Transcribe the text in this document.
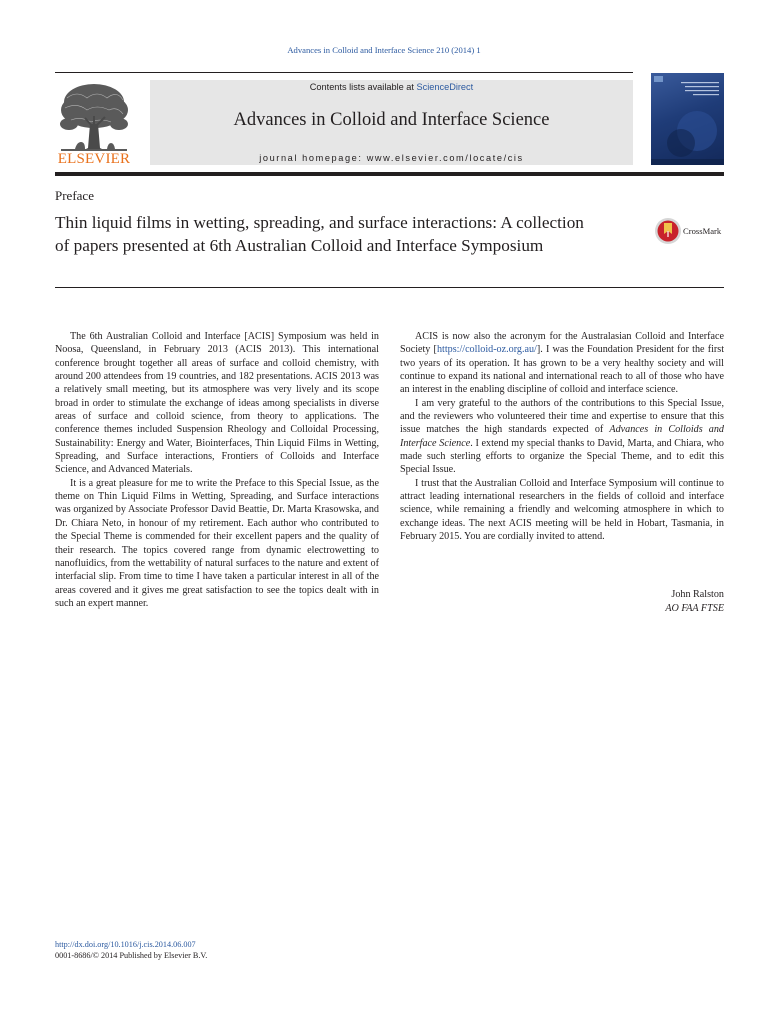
Advances in Colloid and Interface Science 210 (2014) 1
ELSEVIER
Contents lists available at ScienceDirect
Advances in Colloid and Interface Science
journal homepage: www.elsevier.com/locate/cis
Preface
Thin liquid films in wetting, spreading, and surface interactions: A collection of papers presented at 6th Australian Colloid and Interface Symposium
CrossMark

The 6th Australian Colloid and Interface [ACIS] Symposium was held in Noosa, Queensland, in February 2013 (ACIS 2013). This international conference brought together all areas of surface and colloid chemistry, with around 200 attendees from 19 countries, and 182 presentations. ACIS 2013 was a relatively small meeting, but its atmosphere was very lively and its scope broad in order to stimulate the exchange of ideas among specialists in diverse areas of surface and colloid science, from theory to applications. The conference themes included Suspension Rheology and Colloidal Processing, Sustainability: Energy and Water, Biointerfaces, Thin Liquid Films in Wetting, Spreading, and Surface interactions, Frontiers of Colloids and Interface Science, and Advanced Materials.

It is a great pleasure for me to write the Preface to this Special Issue, as the theme on Thin Liquid Films in Wetting, Spreading, and Surface interactions was organized by Associate Professor David Beattie, Dr. Marta Krasowska, and Dr. Chiara Neto, in honour of my retirement. Each author who contributed to the Special Theme is commended for their excellent papers and the quality of their research. The topics covered range from dynamic electrowetting to nanofluidics, from the wettability of natural surfaces to the nature and extent of interfacial slip. From time to time I have taken a particular interest in all of the areas covered and it gives me great satisfaction to see the topics dealt with in such an expert manner.

ACIS is now also the acronym for the Australasian Colloid and Interface Society [https://colloid-oz.org.au/]. I was the Foundation President for the first two years of its operation. It has grown to be a very healthy society and will continue to expand its national and international reach to all of those who have an interest in the enabling discipline of colloid and interface science.

I am very grateful to the authors of the contributions to this Special Issue, and the reviewers who volunteered their time and expertise to ensure that this issue matches the high standards expected of Advances in Colloids and Interface Science. I extend my special thanks to David, Marta, and Chiara, who made such sterling efforts to organize the Special Theme, and to edit this Special Issue.

I trust that the Australian Colloid and Interface Symposium will continue to attract leading international researchers in the fields of colloid and interface science, while remaining a friendly and welcoming atmosphere in which to exchange ideas. The next ACIS meeting will be held in Hobart, Tasmania, in February 2015. You are cordially invited to attend.

John Ralston
AO FAA FTSE
http://dx.doi.org/10.1016/j.cis.2014.06.007
0001-8686/© 2014 Published by Elsevier B.V.
